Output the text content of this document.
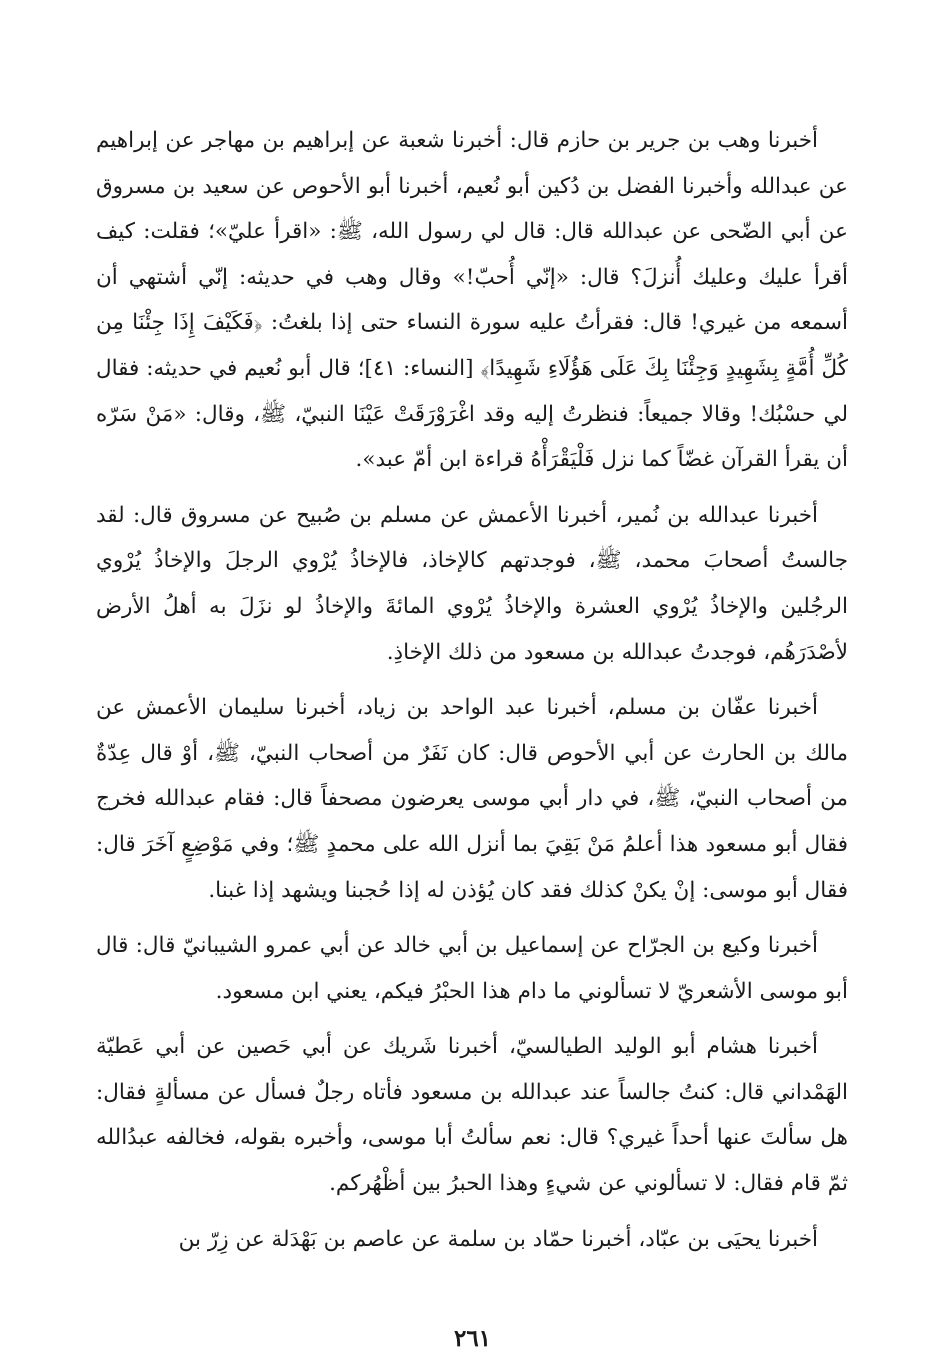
أخبرنا وهب بن جرير بن حازم قال: أخبرنا شعبة عن إبراهيم بن مهاجر عن إبراهيم عن عبدالله وأخبرنا الفضل بن دُكين أبو نُعيم، أخبرنا أبو الأحوص عن سعيد بن مسروق عن أبي الضّحى عن عبدالله قال: قال لي رسول الله، ﷺ: «اقرأ عليّ»؛ فقلت: كيف أقرأ عليك وعليك أُنزلَ؟ قال: «إنّي أُحبّ!» وقال وهب في حديثه: إنّي أشتهي أن أسمعه من غيري! قال: فقرأتُ عليه سورة النساء حتى إذا بلغتُ: ﴿فَكَيْفَ إِذَا جِئْنَا مِن كُلِّ أُمَّةٍ بِشَهِيدٍ وَجِئْنَا بِكَ عَلَى هَؤُلَاءِ شَهِيدًا﴾ [النساء: ٤١]؛ قال أبو نُعيم في حديثه: فقال لي حسْبُك! وقالا جميعاً: فنظرتُ إليه وقد اغْرَوْرَقَتْ عَيْنَا النبيّ، ﷺ، وقال: «مَنْ سَرّه أن يقرأ القرآن غضّاً كما نزل فَلْيَقْرَأْهُ قراءة ابن أمّ عبد».

أخبرنا عبدالله بن نُمير، أخبرنا الأعمش عن مسلم بن صُبيح عن مسروق قال: لقد جالستُ أصحابَ محمد، ﷺ، فوجدتهم كالإخاذ، فالإخاذُ يُرْوي الرجلَ والإخاذُ يُرْوي الرجُلين والإخاذُ يُرْوي العشرة والإخاذُ يُرْوي المائةَ والإخاذُ لو نزَلَ به أهلُ الأرض لأصْدَرَهُم، فوجدتُ عبدالله بن مسعود من ذلك الإخاذِ.

أخبرنا عفّان بن مسلم، أخبرنا عبد الواحد بن زياد، أخبرنا سليمان الأعمش عن مالك بن الحارث عن أبي الأحوص قال: كان نَفَرٌ من أصحاب النبيّ، ﷺ، أوْ قال عِدّةٌ من أصحاب النبيّ، ﷺ، في دار أبي موسى يعرضون مصحفاً قال: فقام عبدالله فخرج فقال أبو مسعود هذا أعلمُ مَنْ بَقِيَ بما أنزل الله على محمدٍ ﷺ؛ وفي مَوْضِعٍ آخَرَ قال: فقال أبو موسى: إنْ يكنْ كذلك فقد كان يُؤذن له إذا حُجبنا ويشهد إذا غبنا.

أخبرنا وكيع بن الجرّاح عن إسماعيل بن أبي خالد عن أبي عمرو الشيبانيّ قال: قال أبو موسى الأشعريّ لا تسألوني ما دام هذا الحبْرُ فيكم، يعني ابن مسعود.

أخبرنا هشام أبو الوليد الطيالسيّ، أخبرنا شَريك عن أبي حَصين عن أبي عَطيّة الهَمْداني قال: كنتُ جالساً عند عبدالله بن مسعود فأتاه رجلٌ فسأل عن مسألةٍ فقال: هل سألتَ عنها أحداً غيري؟ قال: نعم سألتُ أبا موسى، وأخبره بقوله، فخالفه عبدُالله ثمّ قام فقال: لا تسألوني عن شيءٍ وهذا الحبرُ بين أظْهُركم.

أخبرنا يحيَى بن عبّاد، أخبرنا حمّاد بن سلمة عن عاصم بن بَهْدَلة عن زِرّ بن

٢٦١
